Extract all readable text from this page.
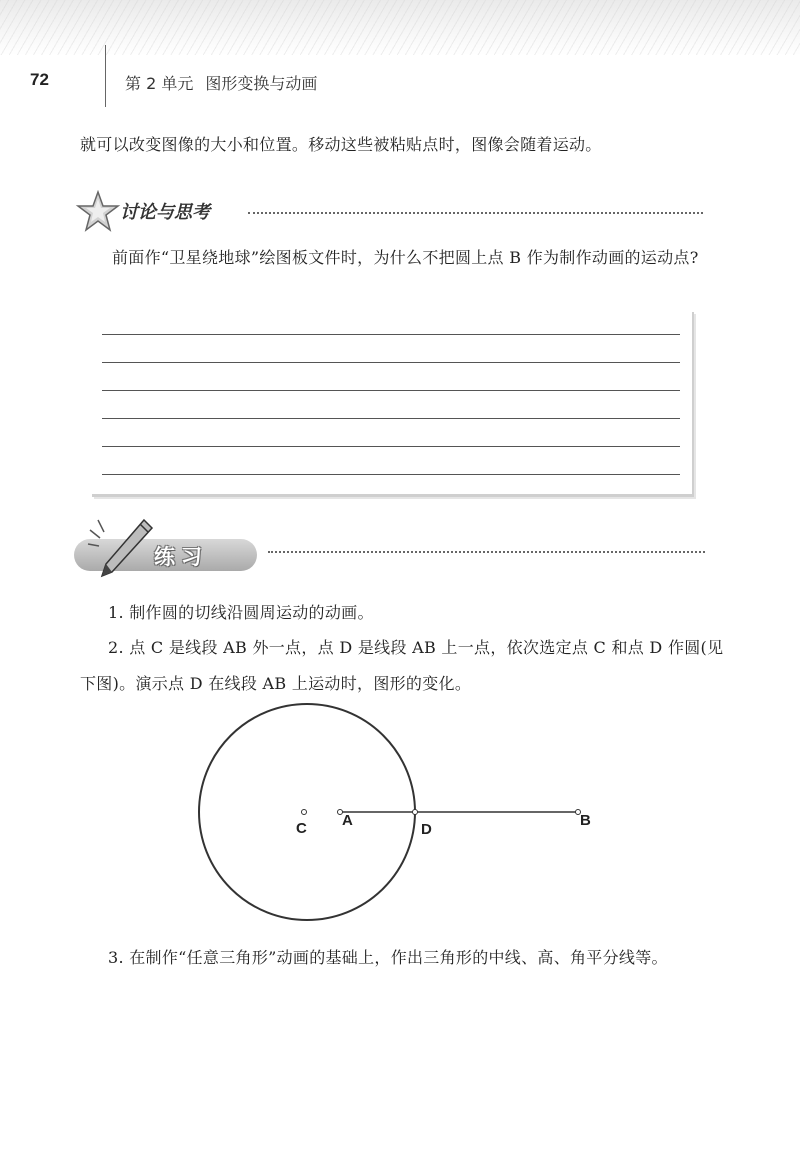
72	第 2 单元 图形变换与动画
就可以改变图像的大小和位置。移动这些被粘贴点时，图像会随着运动。
讨论与思考
前面作“卫星绕地球”绘图板文件时，为什么不把圆上点 B 作为制作动画的运动点?
练习
1. 制作圆的切线沿圆周运动的动画。
2. 点 C 是线段 AB 外一点，点 D 是线段 AB 上一点，依次选定点 C 和点 D 作圆(见下图)。演示点 D 在线段 AB 上运动时，图形的变化。
C A
D
B
3. 在制作“任意三角形”动画的基础上，作出三角形的中线、高、角平分线等。
